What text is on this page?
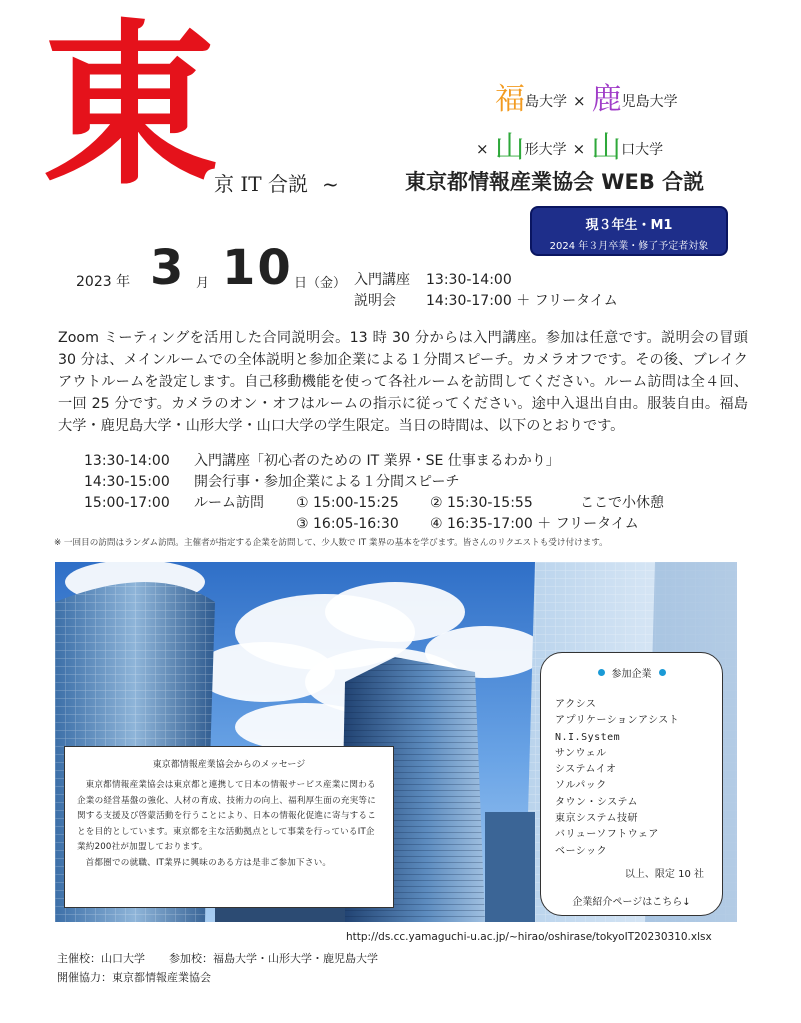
東
京 IT 合説 ~	東京都情報産業協会 WEB 合説
福島大学 × 鹿児島大学
× 山形大学 × 山口大学
現３年生・M1
2024 年３月卒業・修了予定者対象
2023 年 3 月 10 日（金） 入門講座 13:30-14:00
説明会 14:30-17:00 ＋ フリータイム
Zoom ミーティングを活用した合同説明会。13 時 30 分からは入門講座。参加は任意です。説明会の冒頭 30 分は、メインルームでの全体説明と参加企業による１分間スピーチ。カメラオフです。その後、ブレイクアウトルームを設定します。自己移動機能を使って各社ルームを訪問してください。ルーム訪問は全４回、一回 25 分です。カメラのオン・オフはルームの指示に従ってください。途中入退出自由。服装自由。福島大学・鹿児島大学・山形大学・山口大学の学生限定。当日の時間は、以下のとおりです。
13:30-14:00 入門講座「初心者のための IT 業界・SE 仕事まるわかり」
14:30-15:00 開会行事・参加企業による１分間スピーチ
15:00-17:00 ルーム訪問 ① 15:00-15:25 ② 15:30-15:55	ここで小休憩
③ 16:05-16:30 ④ 16:35-17:00 ＋ フリータイム
※ 一回目の訪問はランダム訪問。主催者が指定する企業を訪問して、少人数で IT 業界の基本を学びます。皆さんのリクエストも受け付けます。
東京都情報産業協会からのメッセージ

東京都情報産業協会は東京都と連携して日本の情報サービス産業に関わる企業の経営基盤の強化、人材の育成、技術力の向上、福利厚生面の充実等に関する支援及び啓蒙活動を行うことにより、日本の情報化促進に寄与することを目的としています。東京都を主な活動拠点として事業を行っているIT企業約200社が加盟しております。

首都圏での就職、IT業界に興味のある方は是非ご参加下さい。

参加企業
アクシス
アプリケーションアシスト
N.I.System
サンウェル
システムイオ
ソルパック
タウン・システム
東京システム技研
バリューソフトウェア
ベーシック
以上、限定 10 社
企業紹介ページはこちら↓
http://ds.cc.yamaguchi-u.ac.jp/~hirao/oshirase/tokyoIT20230310.xlsx
主催校：山口大学 参加校：福島大学・山形大学・鹿児島大学
開催協力：東京都情報産業協会
